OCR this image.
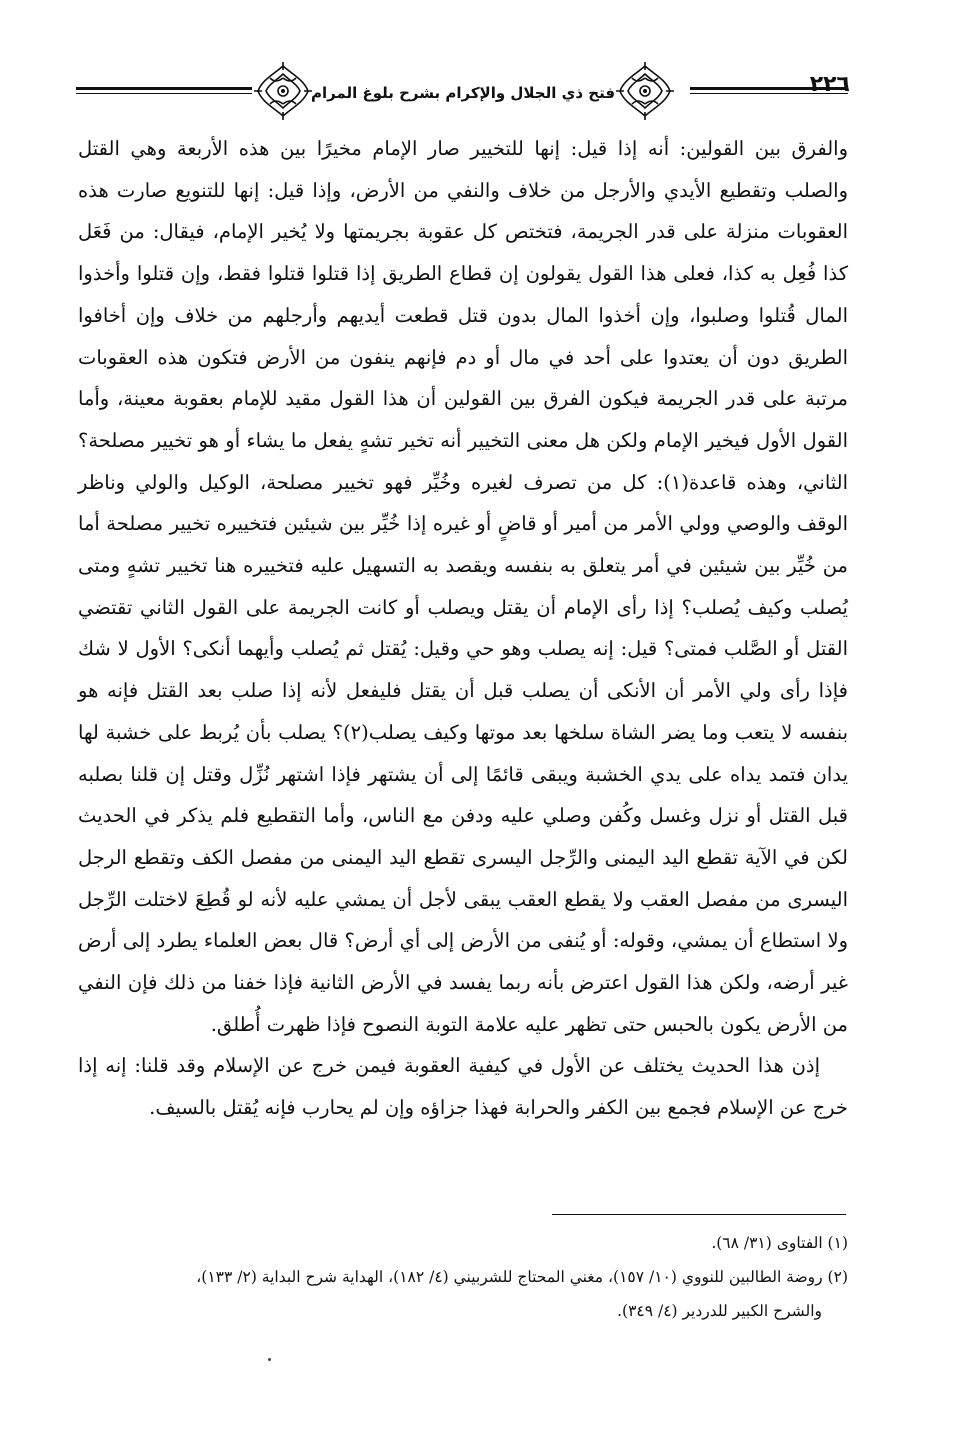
فتح ذي الجلال والإكرام بشرح بلوغ المرام	٢٢٦

والفرق بين القولين: أنه إذا قيل: إنها للتخيير صار الإمام مخيرًا بين هذه الأربعة وهي القتل والصلب وتقطيع الأيدي والأرجل من خلاف والنفي من الأرض، وإذا قيل: إنها للتنويع صارت هذه العقوبات منزلة على قدر الجريمة، فتختص كل عقوبة بجريمتها ولا يُخير الإمام، فيقال: من فَعَل كذا فُعِل به كذا، فعلى هذا القول يقولون إن قطاع الطريق إذا قتلوا قتلوا فقط، وإن قتلوا وأخذوا المال قُتلوا وصلبوا، وإن أخذوا المال بدون قتل قطعت أيديهم وأرجلهم من خلاف وإن أخافوا الطريق دون أن يعتدوا على أحد في مال أو دم فإنهم ينفون من الأرض فتكون هذه العقوبات مرتبة على قدر الجريمة فيكون الفرق بين القولين أن هذا القول مقيد للإمام بعقوبة معينة، وأما القول الأول فيخير الإمام ولكن هل معنى التخيير أنه تخير تشهٍ يفعل ما يشاء أو هو تخيير مصلحة؟ الثاني، وهذه قاعدة(١): كل من تصرف لغيره وخُيِّر فهو تخيير مصلحة، الوكيل والولي وناظر الوقف والوصي وولي الأمر من أمير أو قاضٍ أو غيره إذا خُيِّر بين شيئين فتخييره تخيير مصلحة أما من خُيِّر بين شيئين في أمر يتعلق به بنفسه ويقصد به التسهيل عليه فتخييره هنا تخيير تشهٍ ومتى يُصلب وكيف يُصلب؟ إذا رأى الإمام أن يقتل ويصلب أو كانت الجريمة على القول الثاني تقتضي القتل أو الصَّلب فمتى؟ قيل: إنه يصلب وهو حي وقيل: يُقتل ثم يُصلب وأيهما أنكى؟ الأول لا شك فإذا رأى ولي الأمر أن الأنكى أن يصلب قبل أن يقتل فليفعل لأنه إذا صلب بعد القتل فإنه هو بنفسه لا يتعب وما يضر الشاة سلخها بعد موتها وكيف يصلب(٢)؟ يصلب بأن يُربط على خشبة لها يدان فتمد يداه على يدي الخشبة ويبقى قائمًا إلى أن يشتهر فإذا اشتهر نُزِّل وقتل إن قلنا بصلبه قبل القتل أو نزل وغسل وكُفن وصلي عليه ودفن مع الناس، وأما التقطيع فلم يذكر في الحديث لكن في الآية تقطع اليد اليمنى والرِّجل اليسرى تقطع اليد اليمنى من مفصل الكف وتقطع الرجل اليسرى من مفصل العقب ولا يقطع العقب يبقى لأجل أن يمشي عليه لأنه لو قُطِعَ لاختلت الرِّجل ولا استطاع أن يمشي، وقوله: أو يُنفى من الأرض إلى أي أرض؟ قال بعض العلماء يطرد إلى أرض غير أرضه، ولكن هذا القول اعترض بأنه ربما يفسد في الأرض الثانية فإذا خفنا من ذلك فإن النفي من الأرض يكون بالحبس حتى تظهر عليه علامة التوبة النصوح فإذا ظهرت أُطلق.

إذن هذا الحديث يختلف عن الأول في كيفية العقوبة فيمن خرج عن الإسلام وقد قلنا: إنه إذا خرج عن الإسلام فجمع بين الكفر والحرابة فهذا جزاؤه وإن لم يحارب فإنه يُقتل بالسيف.

(١) الفتاوى (٣١/ ٦٨).

(٢) روضة الطالبين للنووي (١٠/ ١٥٧)، مغني المحتاج للشربيني (٤/ ١٨٢)، الهداية شرح البداية (٢/ ١٣٣)،

والشرح الكبير للدردير (٤/ ٣٤٩).
